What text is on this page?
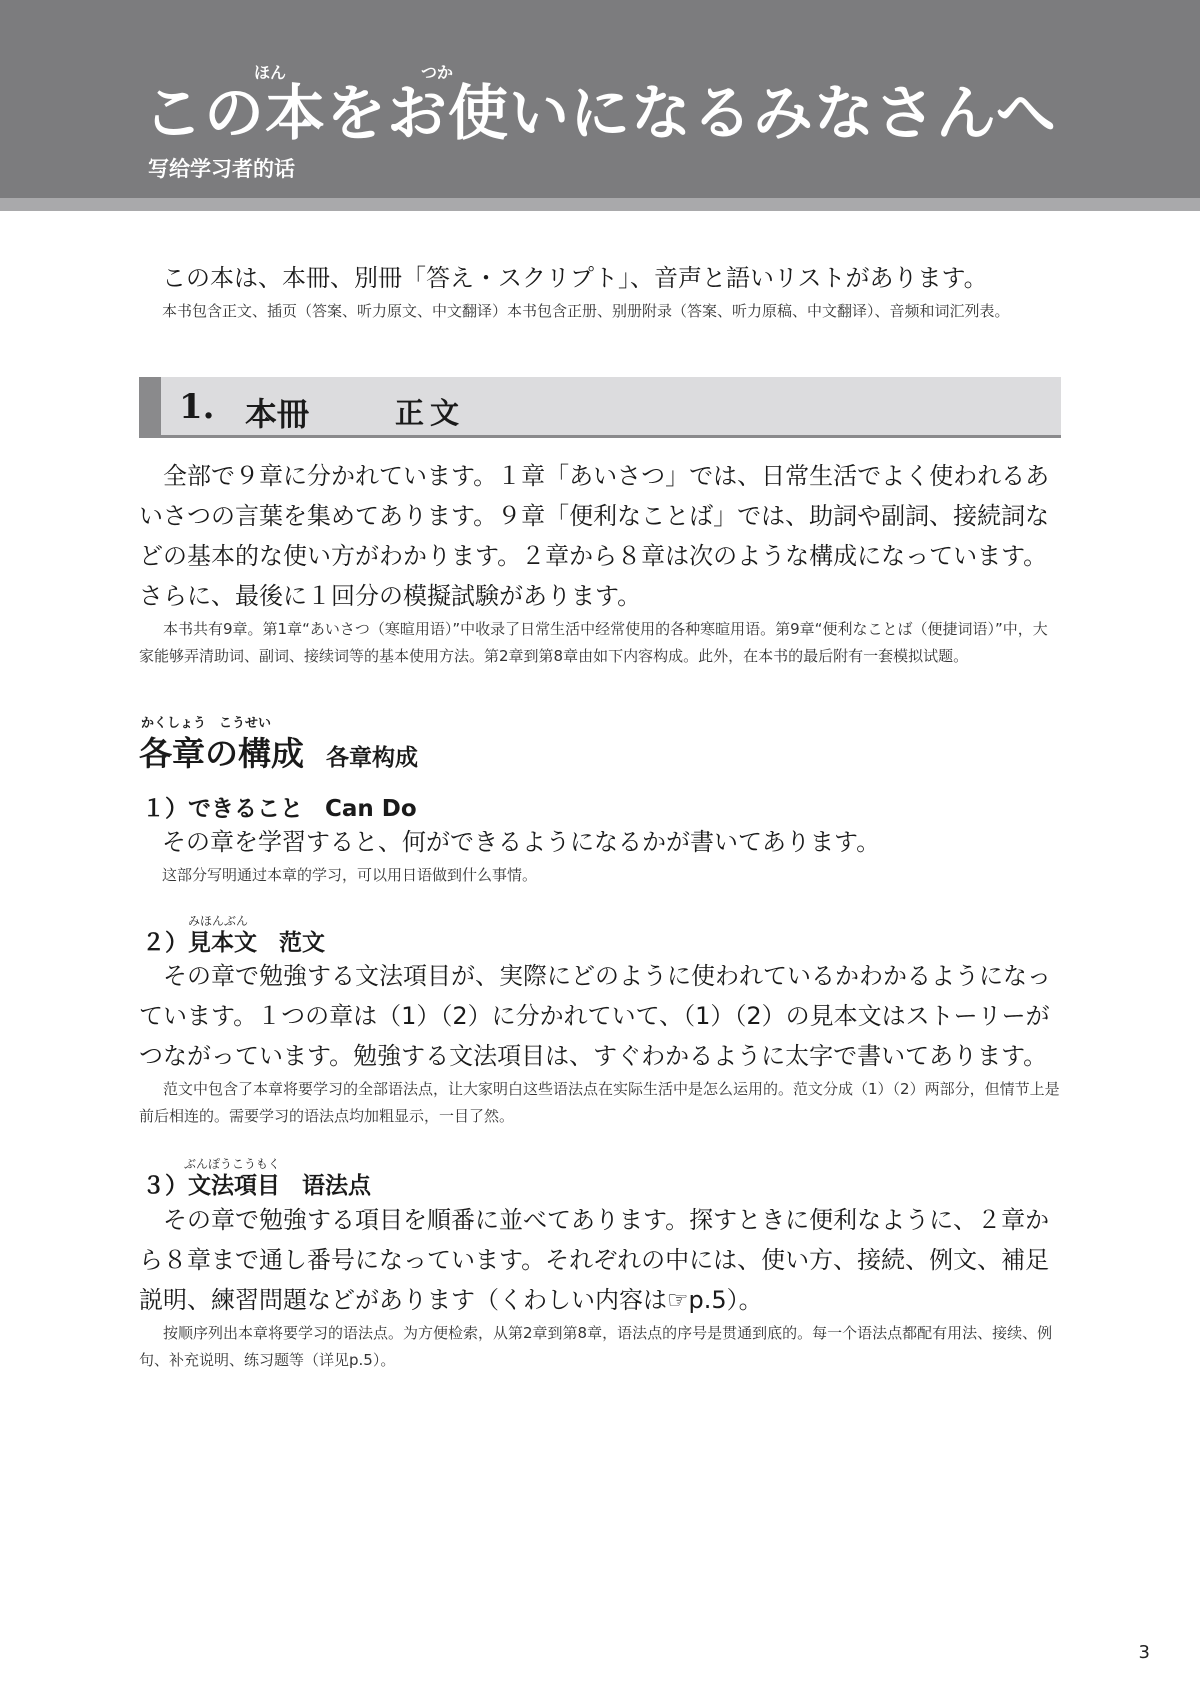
ほん	つか
この本をお使いになるみなさんへ

写给学习者的话

この本は、本冊、別冊「答え・スクリプト」、音声と語いリストがあります。

本书包含正文、插页（答案、听力原文、中文翻译）本书包含正册、别册附录（答案、听力原稿、中文翻译）、音频和词汇列表。

1. 本冊	正文

全部で９章に分かれています。１章「あいさつ」では、日常生活でよく使われるあいさつの言葉を集めてあります。９章「便利なことば」では、助詞や副詞、接続詞などの基本的な使い方がわかります。２章から８章は次のような構成になっています。さらに、最後に１回分の模擬試験があります。

本书共有9章。第1章“あいさつ（寒暄用语）”中收录了日常生活中经常使用的各种寒暄用语。第9章“便利なことば（便捷词语）”中，大家能够弄清助词、副词、接续词等的基本使用方法。第2章到第8章由如下内容构成。此外，在本书的最后附有一套模拟试题。

かくしょう　こうせい
各章の構成 各章构成
１）できること Can Do

その章を学習すると、何ができるようになるかが書いてあります。

这部分写明通过本章的学习，可以用日语做到什么事情。

みほんぶん
２）見本文 范文

その章で勉強する文法項目が、実際にどのように使われているかわかるようになっています。１つの章は（1）（2）に分かれていて、（1）（2）の見本文はストーリーがつながっています。勉強する文法項目は、すぐわかるように太字で書いてあります。

范文中包含了本章将要学习的全部语法点，让大家明白这些语法点在实际生活中是怎么运用的。范文分成（1）（2）两部分，但情节上是前后相连的。需要学习的语法点均加粗显示，一目了然。

ぶんぽうこうもく
３）文法項目 语法点

その章で勉強する項目を順番に並べてあります。探すときに便利なように、２章から８章まで通し番号になっています。それぞれの中には、使い方、接続、例文、補足説明、練習問題などがあります（くわしい内容は☞p.5）。

按顺序列出本章将要学习的语法点。为方便检索，从第2章到第8章，语法点的序号是贯通到底的。每一个语法点都配有用法、接续、例句、补充说明、练习题等（详见p.5）。

3
